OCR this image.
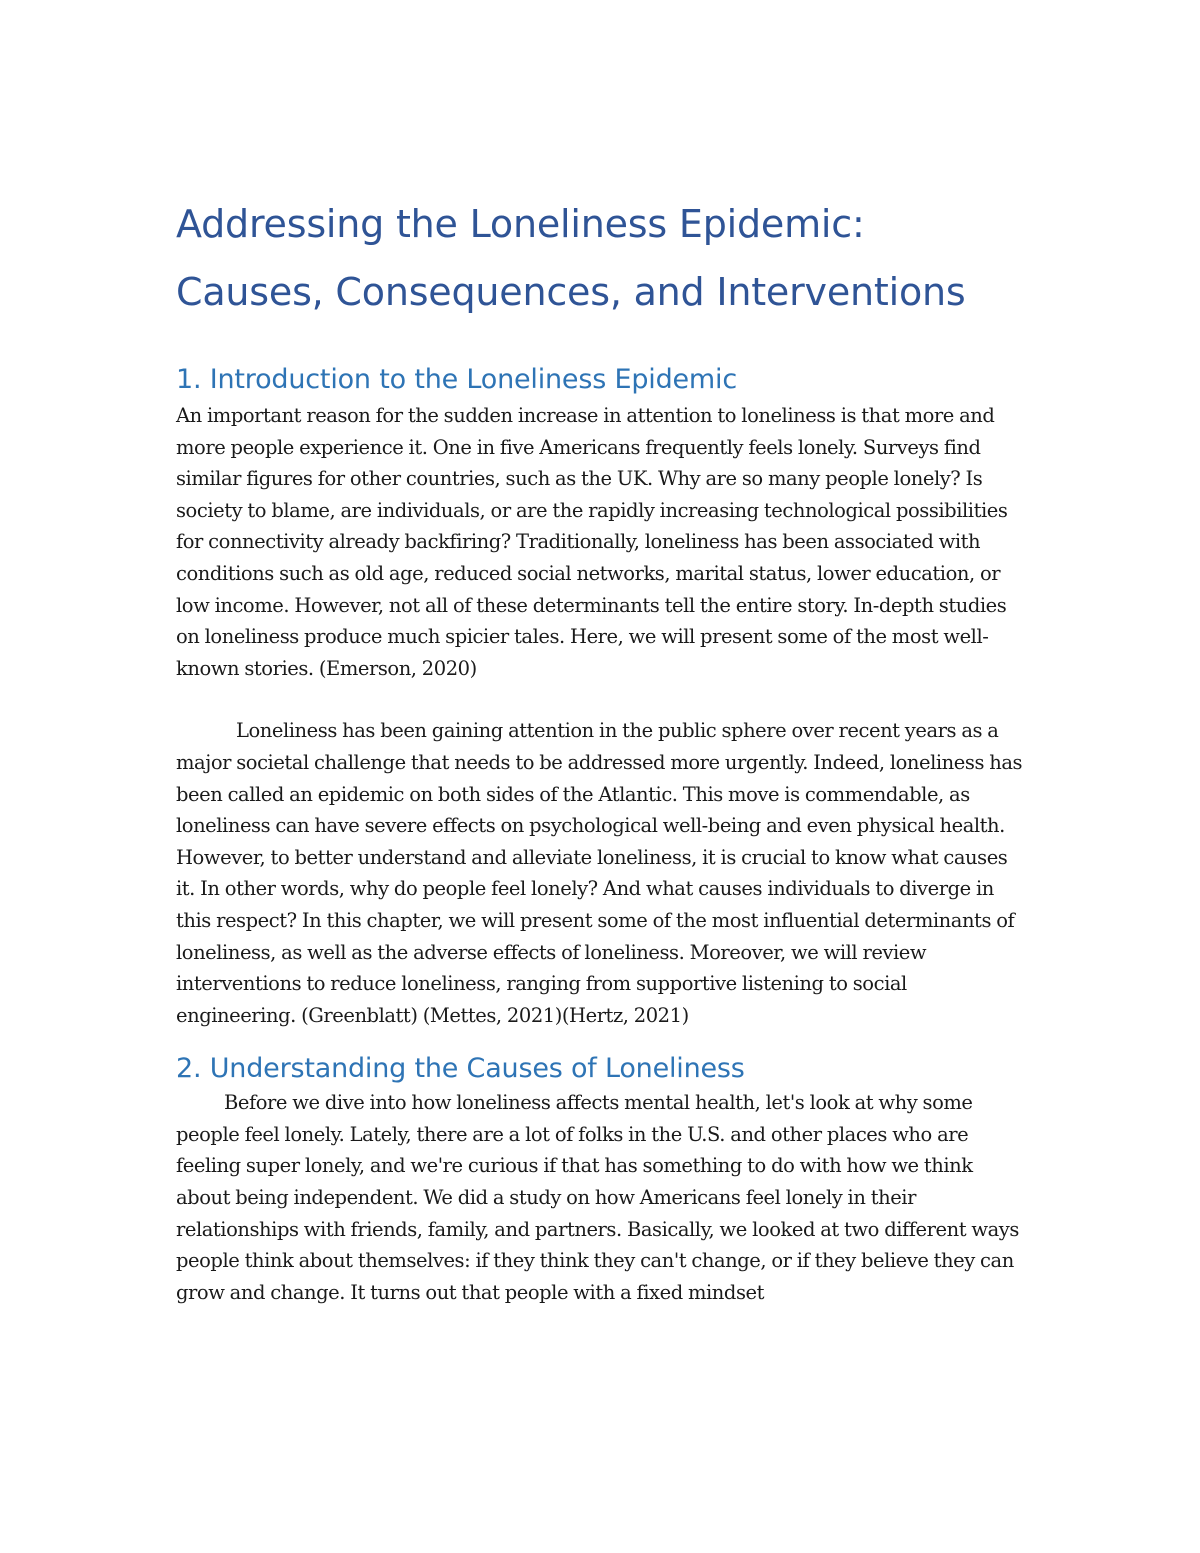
Addressing the Loneliness Epidemic:
Causes, Consequences, and Interventions
1. Introduction to the Loneliness Epidemic

An important reason for the sudden increase in attention to loneliness is that more and more people experience it. One in five Americans frequently feels lonely. Surveys find similar figures for other countries, such as the UK. Why are so many people lonely? Is society to blame, are individuals, or are the rapidly increasing technological possibilities for connectivity already backfiring? Traditionally, loneliness has been associated with conditions such as old age, reduced social networks, marital status, lower education, or low income. However, not all of these determinants tell the entire story. In-depth studies on loneliness produce much spicier tales. Here, we will present some of the most well-known stories. (Emerson, 2020)

Loneliness has been gaining attention in the public sphere over recent years as a major societal challenge that needs to be addressed more urgently. Indeed, loneliness has been called an epidemic on both sides of the Atlantic. This move is commendable, as loneliness can have severe effects on psychological well-being and even physical health. However, to better understand and alleviate loneliness, it is crucial to know what causes it. In other words, why do people feel lonely? And what causes individuals to diverge in this respect? In this chapter, we will present some of the most influential determinants of loneliness, as well as the adverse effects of loneliness. Moreover, we will review interventions to reduce loneliness, ranging from supportive listening to social engineering. (Greenblatt) (Mettes, 2021)(Hertz, 2021)

2. Understanding the Causes of Loneliness

Before we dive into how loneliness affects mental health, let's look at why some people feel lonely. Lately, there are a lot of folks in the U.S. and other places who are feeling super lonely, and we're curious if that has something to do with how we think about being independent. We did a study on how Americans feel lonely in their relationships with friends, family, and partners. Basically, we looked at two different ways people think about themselves: if they think they can't change, or if they believe they can grow and change. It turns out that people with a fixed mindset
